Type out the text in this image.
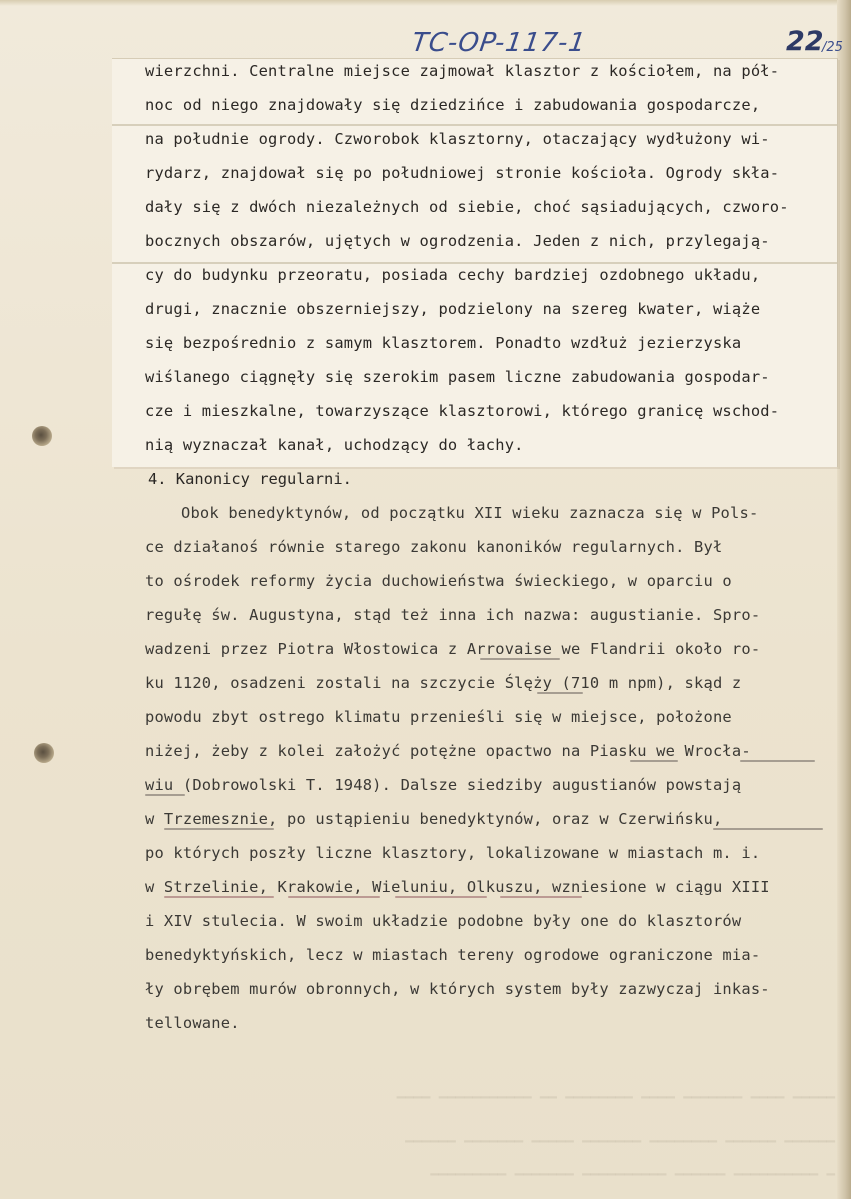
▁▁▁▁▁ ▁▁▁▁ ▁▁▁▁▁▁▁ ▁▁▁▁ ▁▁▁▁▁▁▁▁ ▁▁ ▁▁▁▁▁▁▁▁▁▁▁ ▁▁▁▁
▁▁▁▁▁▁ ▁▁▁▁▁▁ ▁▁▁▁▁▁▁▁ ▁▁▁▁▁▁▁ ▁▁▁▁▁ ▁▁▁▁▁▁▁ ▁▁▁▁▁▁
▁ ▁▁▁▁▁▁▁▁▁▁ ▁▁▁▁▁▁ ▁▁▁▁▁▁▁▁▁▁ ▁▁▁▁▁▁▁ ▁▁▁▁▁▁▁▁▁
TC-OP-117-1	22
/25
wierzchni. Centralne miejsce zajmował klasztor z kościołem, na pół-
noc od niego znajdowały się dziedzińce i zabudowania gospodarcze,
na południe ogrody. Czworobok klasztorny, otaczający wydłużony wi-
rydarz, znajdował się po południowej stronie kościoła. Ogrody skła-
dały się z dwóch niezależnych od siebie, choć sąsiadujących, czworo-
bocznych obszarów, ujętych w ogrodzenia. Jeden z nich, przylegają-
cy do budynku przeoratu, posiada cechy bardziej ozdobnego układu,
drugi, znacznie obszerniejszy, podzielony na szereg kwater, wiąże
się bezpośrednio z samym klasztorem. Ponadto wzdłuż jezierzyska
wiślanego ciągnęły się szerokim pasem liczne zabudowania gospodar-
cze i mieszkalne, towarzyszące klasztorowi, którego granicę wschod-
nią wyznaczał kanał, uchodzący do łachy.
4. Kanonicy regularni.
Obok benedyktynów, od początku XII wieku zaznacza się w Pols-
ce działanoś równie starego zakonu kanoników regularnych. Był
to ośrodek reformy życia duchowieństwa świeckiego, w oparciu o
regułę św. Augustyna, stąd też inna ich nazwa: augustianie. Spro-
wadzeni przez Piotra Włostowica z Arrovaise we Flandrii około ro-
ku 1120, osadzeni zostali na szczycie Ślęży (710 m npm), skąd z
powodu zbyt ostrego klimatu przenieśli się w miejsce, położone
niżej, żeby z kolei założyć potężne opactwo na Piasku we Wrocła-
wiu (Dobrowolski T. 1948). Dalsze siedziby augustianów powstają
w Trzemesznie, po ustąpieniu benedyktynów, oraz w Czerwińsku,
po których poszły liczne klasztory, lokalizowane w miastach m. i.
w Strzelinie, Krakowie, Wieluniu, Olkuszu, wzniesione w ciągu XIII
i XIV stulecia. W swoim układzie podobne były one do klasztorów
benedyktyńskich, lecz w miastach tereny ogrodowe ograniczone mia-
ły obrębem murów obronnych, w których system były zazwyczaj inkas-
tellowane.
